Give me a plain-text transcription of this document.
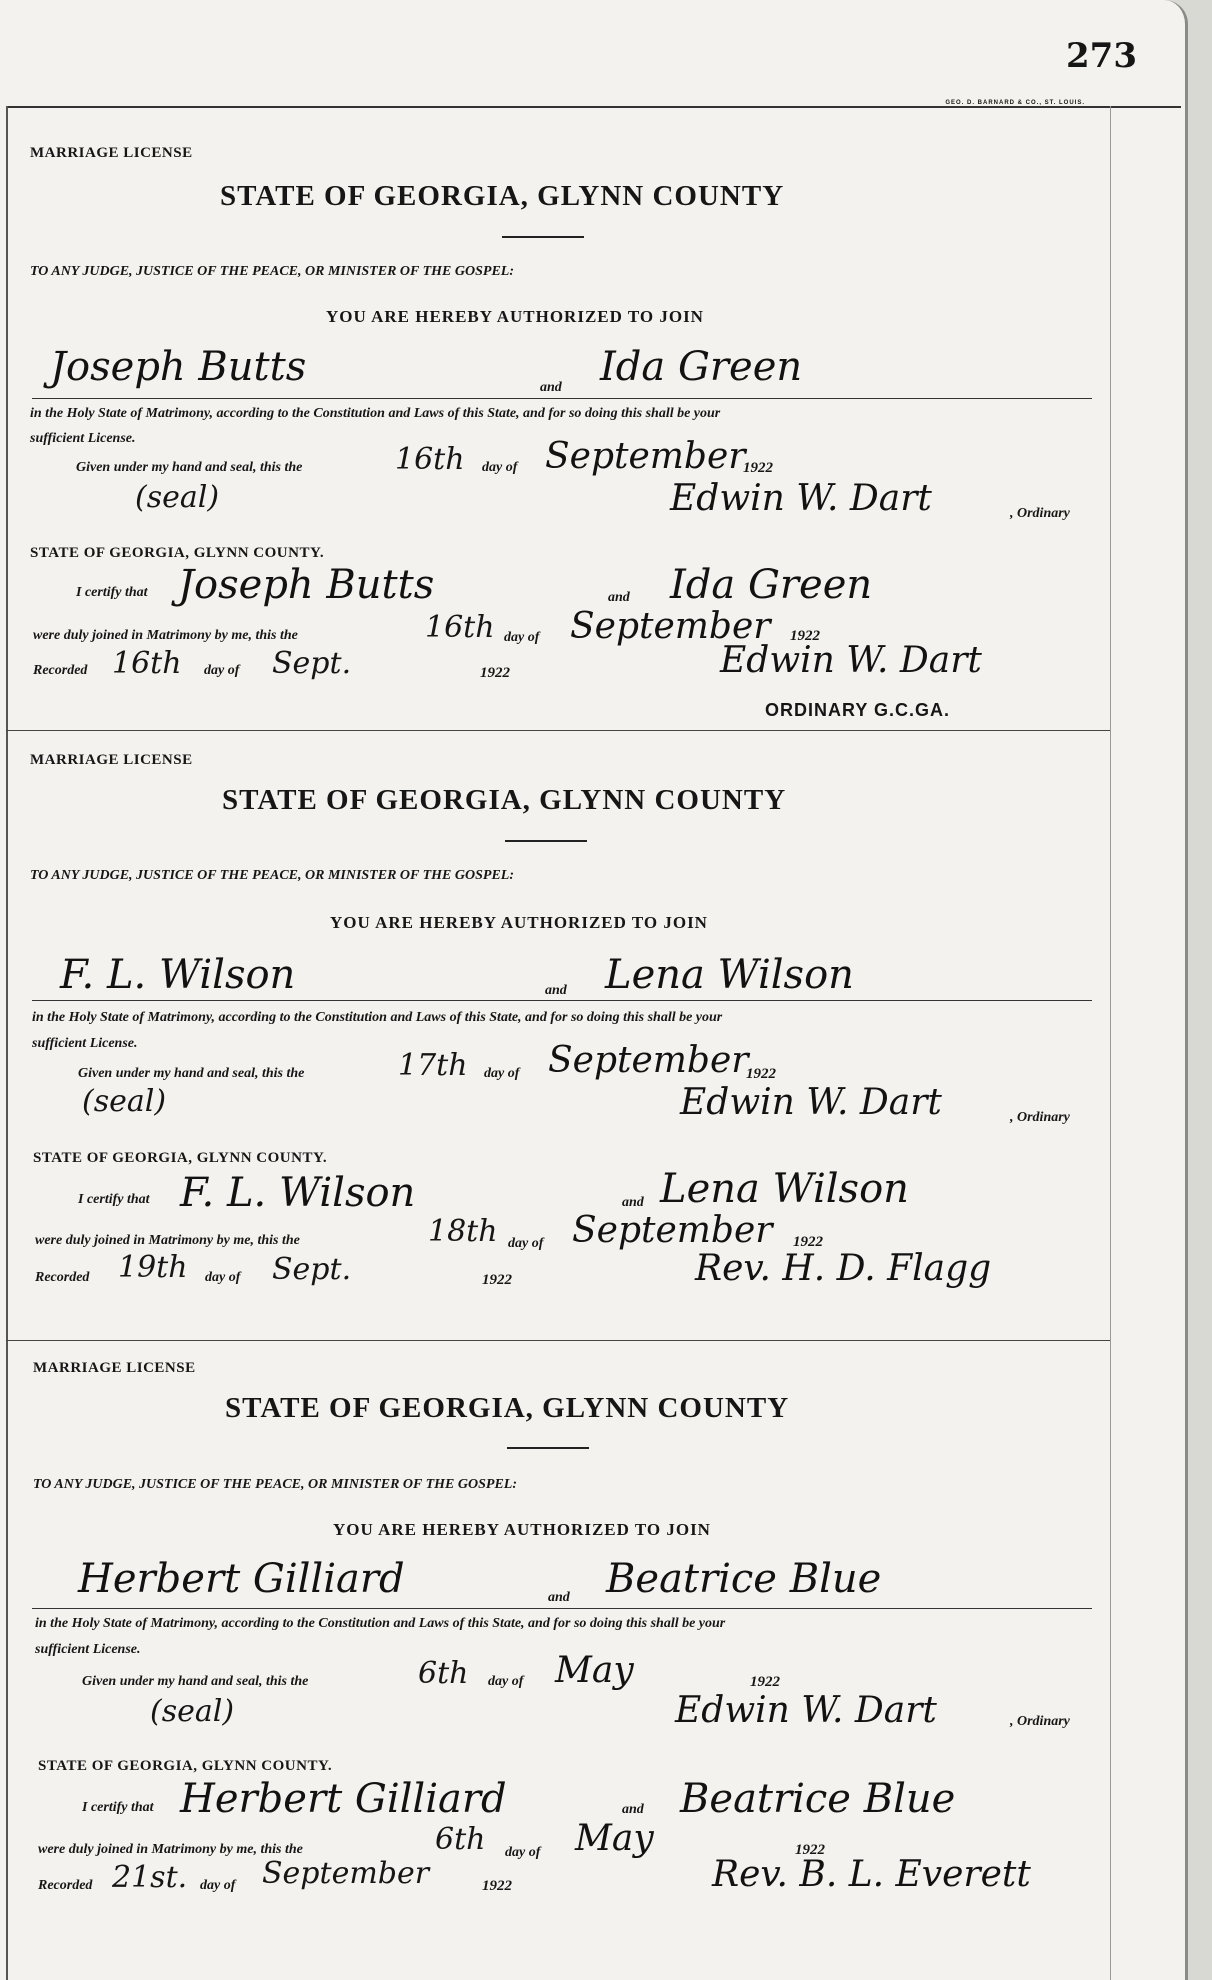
273
GEO. D. BARNARD & CO., ST. LOUIS.
MARRIAGE LICENSE
STATE OF GEORGIA, GLYNN COUNTY
TO ANY JUDGE, JUSTICE OF THE PEACE, OR MINISTER OF THE GOSPEL:
YOU ARE HEREBY AUTHORIZED TO JOIN
Joseph Butts	and Ida Green
in the Holy State of Matrimony, according to the Constitution and Laws of this State, and for so doing this shall be your
sufficient License.
Given under my hand and seal, this the	16th day of September
1922
(seal)	Edwin W. Dart	, Ordinary
STATE OF GEORGIA, GLYNN COUNTY.
I certify that Joseph Butts	and Ida Green
were duly joined in Matrimony by me, this the	16th day of September 1922
Recorded 16th day of Sept.	1922	Edwin W. Dart
ORDINARY G.C.GA.
MARRIAGE LICENSE
STATE OF GEORGIA, GLYNN COUNTY
TO ANY JUDGE, JUSTICE OF THE PEACE, OR MINISTER OF THE GOSPEL:
YOU ARE HEREBY AUTHORIZED TO JOIN
F. L. Wilson	and Lena Wilson
in the Holy State of Matrimony, according to the Constitution and Laws of this State, and for so doing this shall be your
sufficient License.
Given under my hand and seal, this the	17th day of September
1922
(seal)	Edwin W. Dart	, Ordinary
STATE OF GEORGIA, GLYNN COUNTY.
I certify that F. L. Wilson	and Lena Wilson
were duly joined in Matrimony by me, this the	18th day of September 1922
Recorded 19th day of Sept.	1922	Rev. H. D. Flagg
MARRIAGE LICENSE
STATE OF GEORGIA, GLYNN COUNTY
TO ANY JUDGE, JUSTICE OF THE PEACE, OR MINISTER OF THE GOSPEL:
YOU ARE HEREBY AUTHORIZED TO JOIN
Herbert Gilliard	and Beatrice Blue
in the Holy State of Matrimony, according to the Constitution and Laws of this State, and for so doing this shall be your
sufficient License.
Given under my hand and seal, this the	6th day of May	1922
(seal)	Edwin W. Dart	, Ordinary
STATE OF GEORGIA, GLYNN COUNTY.
I certify that Herbert Gilliard	and Beatrice Blue
were duly joined in Matrimony by me, this the	6th day of May	1922
Recorded 21st. day of September	1922	Rev. B. L. Everett
